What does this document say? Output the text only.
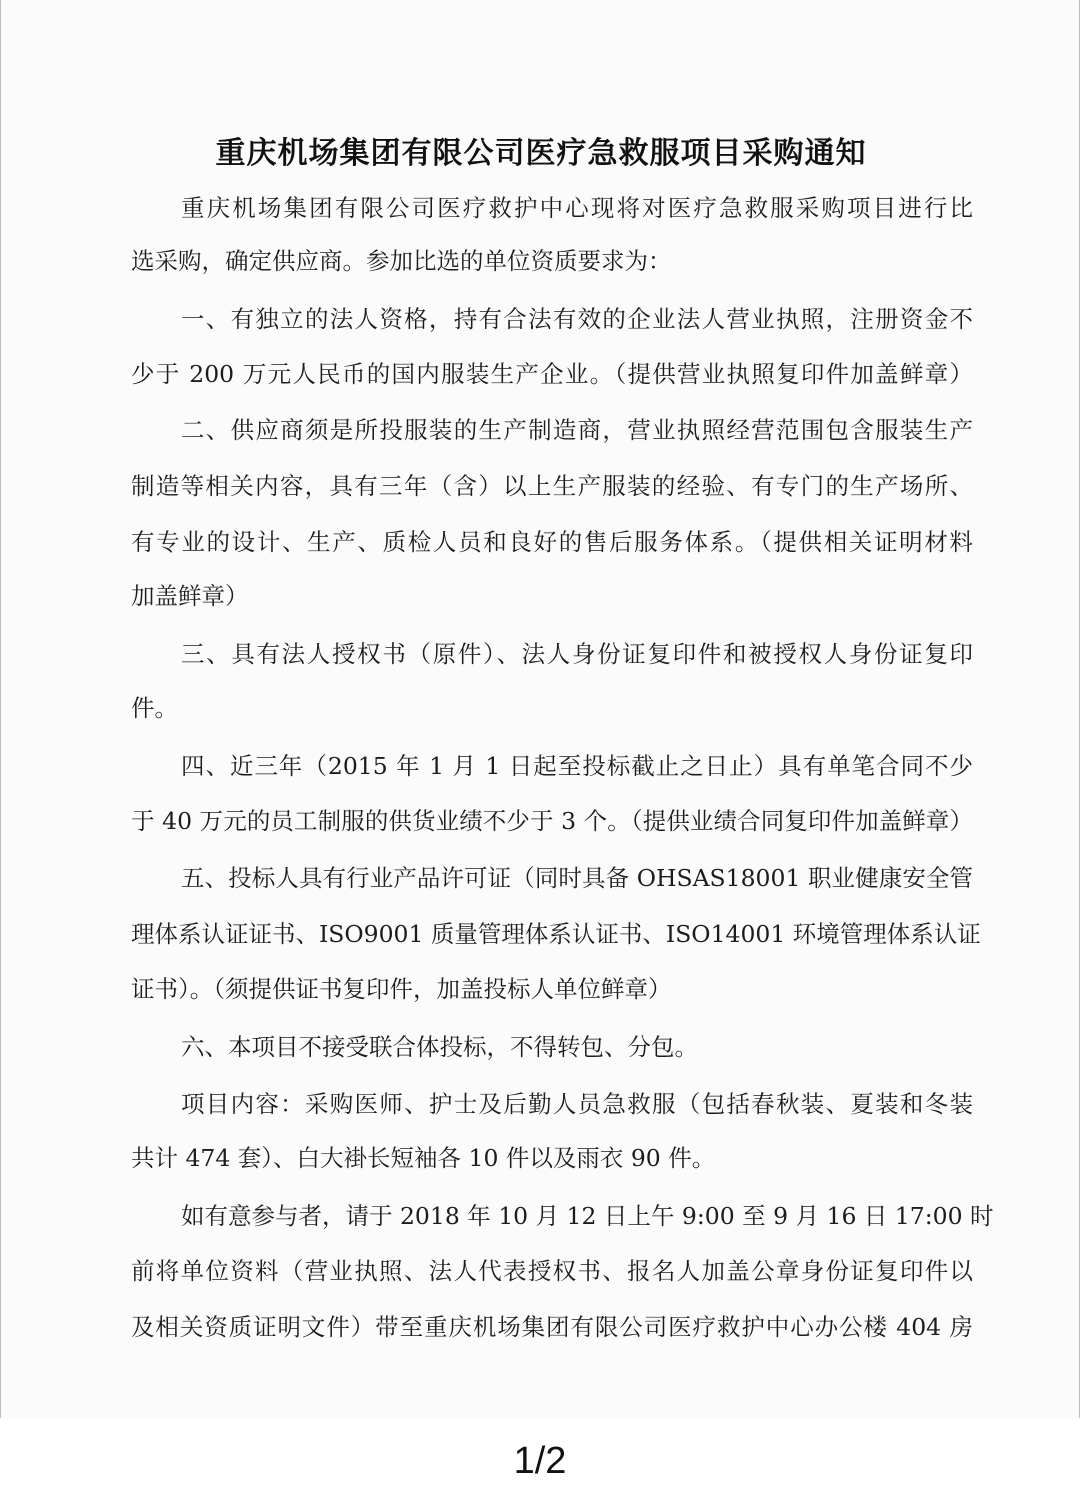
重庆机场集团有限公司医疗急救服项目采购通知
重庆机场集团有限公司医疗救护中心现将对医疗急救服采购项目进行比
选采购，确定供应商。参加比选的单位资质要求为：
一、有独立的法人资格，持有合法有效的企业法人营业执照，注册资金不
少于 200 万元人民币的国内服装生产企业。（提供营业执照复印件加盖鲜章）
二、供应商须是所投服装的生产制造商，营业执照经营范围包含服装生产
制造等相关内容，具有三年（含）以上生产服装的经验、有专门的生产场所、
有专业的设计、生产、质检人员和良好的售后服务体系。（提供相关证明材料
加盖鲜章）
三、具有法人授权书（原件）、法人身份证复印件和被授权人身份证复印
件。
四、近三年（2015 年 1 月 1 日起至投标截止之日止）具有单笔合同不少
于 40 万元的员工制服的供货业绩不少于 3 个。（提供业绩合同复印件加盖鲜章）
五、投标人具有行业产品许可证（同时具备 OHSAS18001 职业健康安全管
理体系认证证书、ISO9001 质量管理体系认证书、ISO14001 环境管理体系认证
证书）。（须提供证书复印件，加盖投标人单位鲜章）
六、本项目不接受联合体投标，不得转包、分包。
项目内容：采购医师、护士及后勤人员急救服（包括春秋装、夏装和冬装
共计 474 套）、白大褂长短袖各 10 件以及雨衣 90 件。
如有意参与者，请于 2018 年 10 月 12 日上午 9:00 至 9 月 16 日 17:00 时
前将单位资料（营业执照、法人代表授权书、报名人加盖公章身份证复印件以
及相关资质证明文件）带至重庆机场集团有限公司医疗救护中心办公楼 404 房
1/2
